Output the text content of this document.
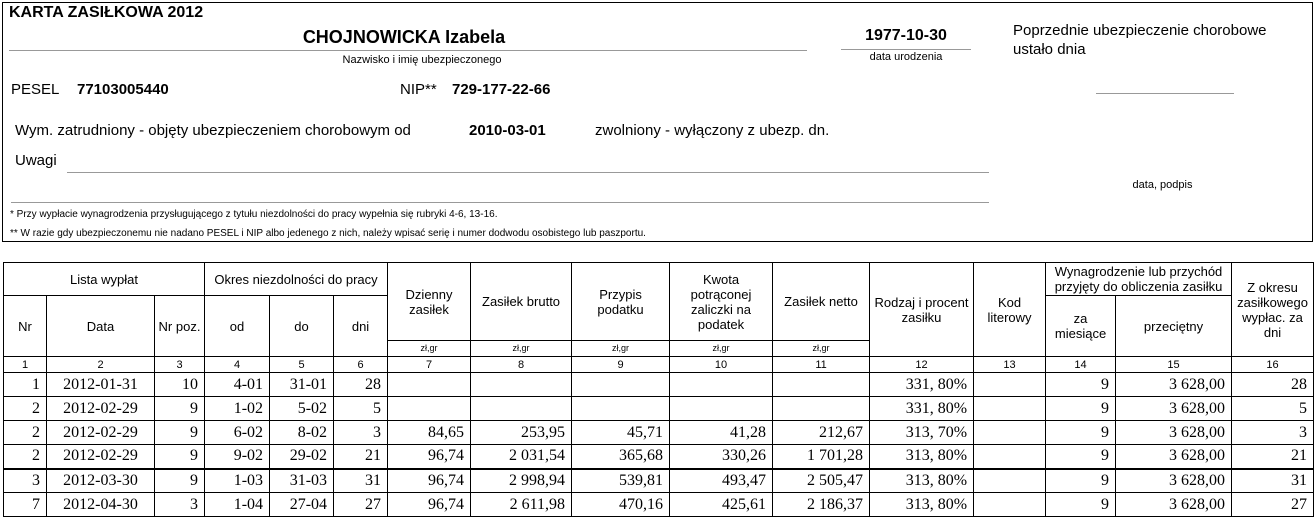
KARTA ZASIŁKOWA 2012
CHOJNOWICKA Izabela
Nazwisko i imię ubezpieczonego
1977-10-30
data urodzenia
Poprzednie ubezpieczenie chorobowe ustało dnia
data, podpis
PESEL 77103005440	NIP** 729-177-22-66
Wym. zatrudniony - objęty ubezpieczeniem chorobowym od	2010-03-01	zwolniony - wyłączony z ubezp. dn.
Uwagi
* Przy wypłacie wynagrodzenia przysługującego z tytułu niezdolności do pracy wypełnia się rubryki 4-6, 13-16.
** W razie gdy ubezpieczonemu nie nadano PESEL i NIP albo jedenego z nich, należy wpisać serię i numer dodwodu osobistego lub paszportu.
Lista wypłat			Okres niezdolności do pracy			Dzienny zasiłek	Zasiłek brutto	Przypis podatku	Kwota potrąconej zaliczki na podatek	Zasiłek netto	Rodzaj i procent zasiłku	Kod literowy	Wynagrodzenie lub przychód przyjęty do obliczenia zasiłku		Z okresu zasiłkowego wypłac. za dni
Nr	Data	Nr poz.	od	do	dni								za miesiące	przeciętny	
						zł,gr	zł,gr	zł,gr	zł,gr	zł,gr					
1	2	3	4	5	6	7	8	9	10	11	12	13	14	15	16
1	2012-01-31	10	4-01	31-01	28						331, 80%		9	3 628,00	28
2	2012-02-29	9	1-02	5-02	5						331, 80%		9	3 628,00	5
2	2012-02-29	9	6-02	8-02	3	84,65	253,95	45,71	41,28	212,67	313, 70%		9	3 628,00	3
2	2012-02-29	9	9-02	29-02	21	96,74	2 031,54	365,68	330,26	1 701,28	313, 80%		9	3 628,00	21
3	2012-03-30	9	1-03	31-03	31	96,74	2 998,94	539,81	493,47	2 505,47	313, 80%		9	3 628,00	31
7	2012-04-30	3	1-04	27-04	27	96,74	2 611,98	470,16	425,61	2 186,37	313, 80%		9	3 628,00	27
